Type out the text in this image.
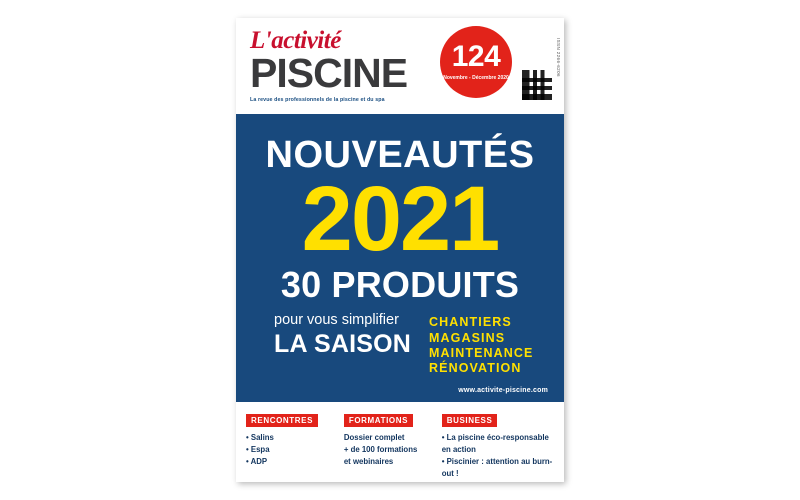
L'activité
PISCINE
La revue des professionnels de la piscine et du spa
124
Novembre - Décembre 2020
ISSN 2266-6206
NOUVEAUTÉS
2021
30 PRODUITS
pour vous simplifier
LA SAISON
CHANTIERS
MAGASINS
MAINTENANCE
RÉNOVATION
www.activite-piscine.com
RENCONTRES
• Salins
• Espa
• ADP
FORMATIONS
Dossier complet
+ de 100 formations
et webinaires
BUSINESS
• La piscine éco-responsable
en action
• Piscinier : attention au burn-out !
